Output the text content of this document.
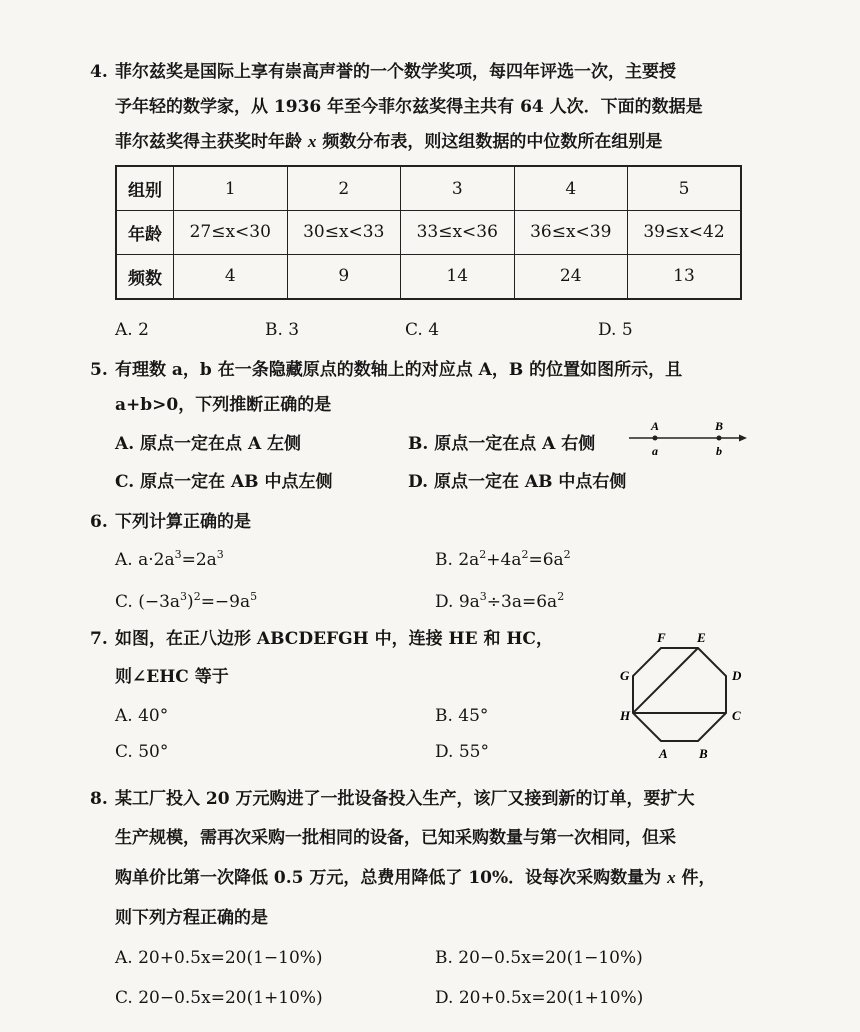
4. 菲尔兹奖是国际上享有崇高声誉的一个数学奖项，每四年评选一次，主要授
予年轻的数学家，从 1936 年至今菲尔兹奖得主共有 64 人次．下面的数据是
菲尔兹奖得主获奖时年龄 x 频数分布表，则这组数据的中位数所在组别是
组别	1	2	3	4	5
年龄	27≤x<30	30≤x<33	33≤x<36	36≤x<39	39≤x<42
频数	4	9	14	24	13
A. 2	B. 3	C. 4	D. 5
5. 有理数 a，b 在一条隐藏原点的数轴上的对应点 A，B 的位置如图所示，且
a+b>0，下列推断正确的是
A. 原点一定在点 A 左侧	B. 原点一定在点 A 右侧
C. 原点一定在 AB 中点左侧	D. 原点一定在 AB 中点右侧
A	B
a	b
6. 下列计算正确的是
A. $a\cdot 2a^3=2a^3$	B. $2a^2+4a^2=6a^2$
C. $(-3a^3)^2=-9a^5$	D. $9a^3\div 3a=6a^2$
7. 如图，在正八边形 ABCDEFGH 中，连接 HE 和 HC，
则∠EHC 等于
A. 40°	B. 45°
C. 50°	D. 55°
F E
D
C
B
A
H
G
8. 某工厂投入 20 万元购进了一批设备投入生产，该厂又接到新的订单，要扩大
生产规模，需再次采购一批相同的设备，已知采购数量与第一次相同，但采
购单价比第一次降低 0.5 万元，总费用降低了 10%．设每次采购数量为 x 件，
则下列方程正确的是
A. 20+0.5x=20(1−10%)	B. 20−0.5x=20(1−10%)
C. 20−0.5x=20(1+10%)	D. 20+0.5x=20(1+10%)
